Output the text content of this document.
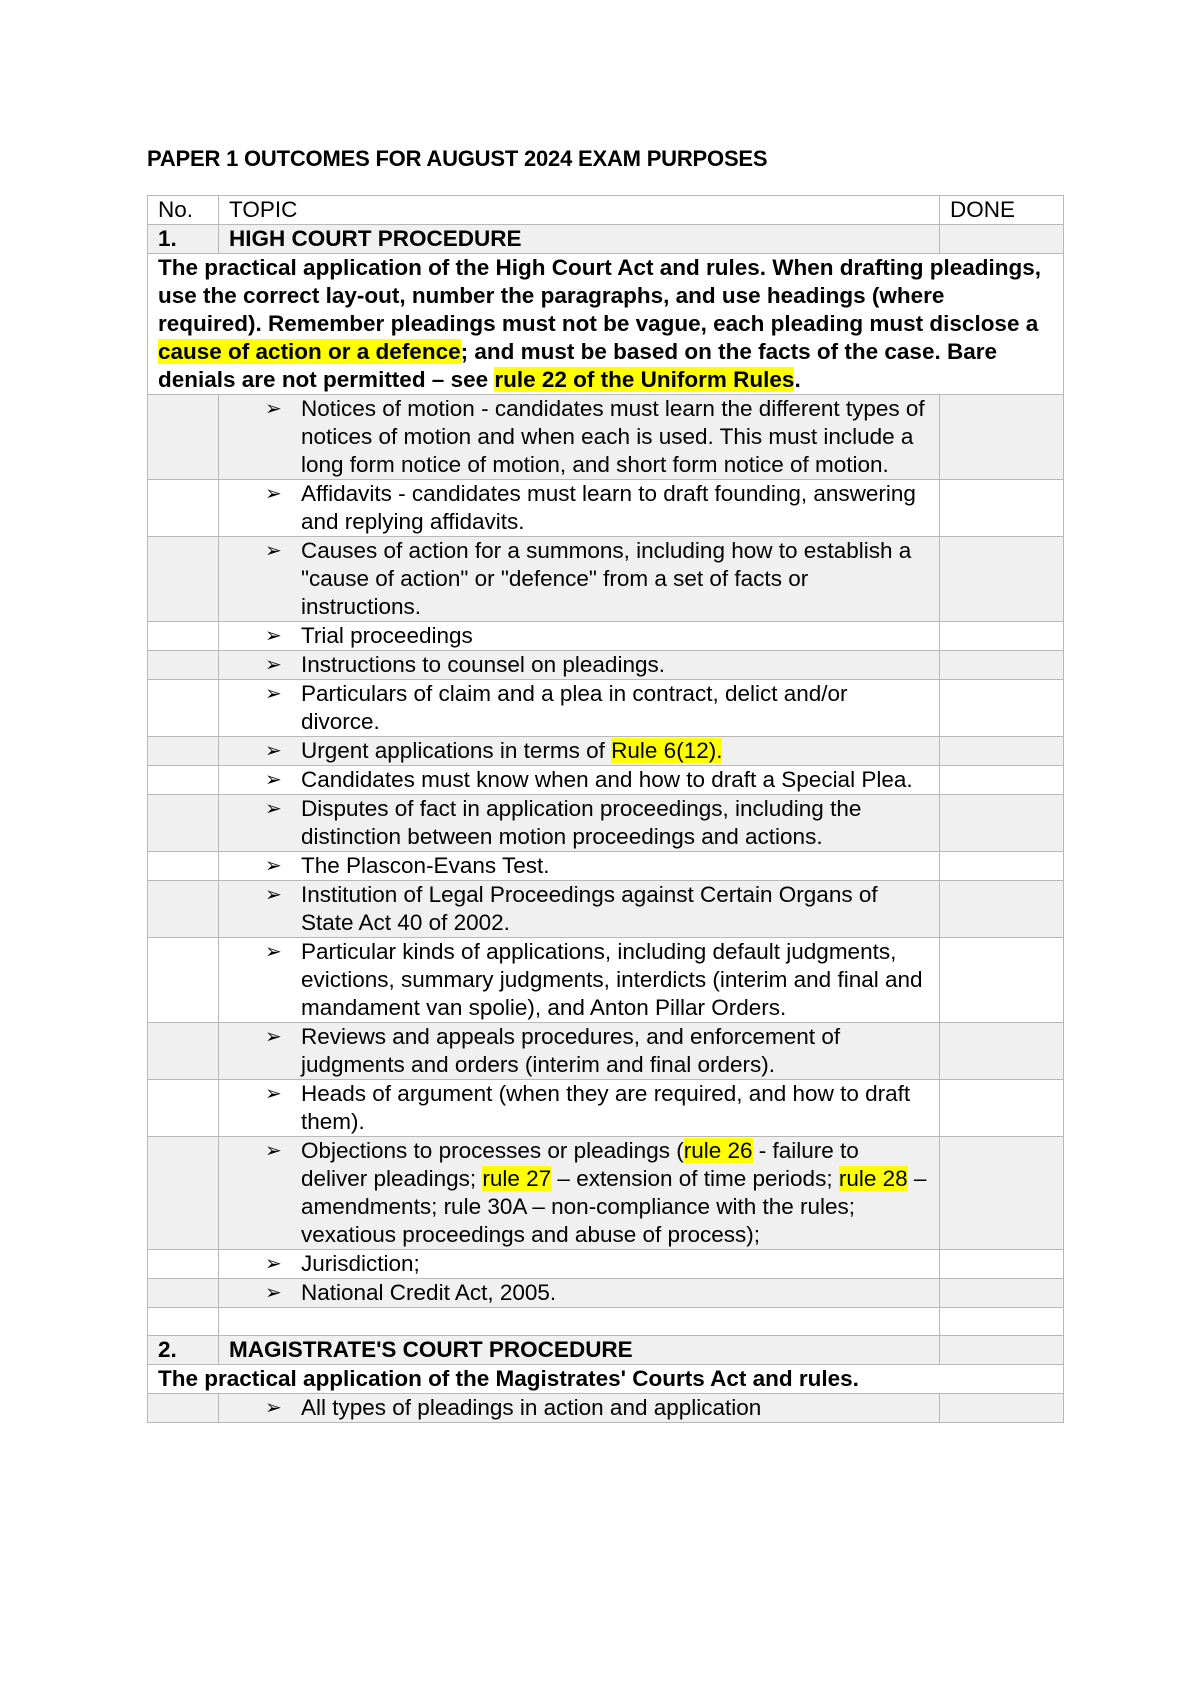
PAPER 1 OUTCOMES FOR AUGUST 2024 EXAM PURPOSES
No.	TOPIC	DONE
1.	HIGH COURT PROCEDURE	
The practical application of the High Court Act and rules. When drafting pleadings, use the correct lay-out, number the paragraphs, and use headings (where required). Remember pleadings must not be vague, each pleading must disclose a cause of action or a defence; and must be based on the facts of the case. Bare denials are not permitted – see rule 22 of the Uniform Rules.		

	➢ Notices of motion - candidates must learn the different types of notices of motion and when each is used. This must include a long form notice of motion, and short form notice of motion.	

	➢ Affidavits - candidates must learn to draft founding, answering and replying affidavits.	

	➢ Causes of action for a summons, including how to establish a "cause of action" or "defence" from a set of facts or instructions.	

	➢ Trial proceedings	

	➢ Instructions to counsel on pleadings.	

	➢ Particulars of claim and a plea in contract, delict and/or divorce.	

	➢ Urgent applications in terms of Rule 6(12).	

	➢ Candidates must know when and how to draft a Special Plea.	

	➢ Disputes of fact in application proceedings, including the distinction between motion proceedings and actions.	

	➢ The Plascon-Evans Test.	

	➢ Institution of Legal Proceedings against Certain Organs of State Act 40 of 2002.	

	➢ Particular kinds of applications, including default judgments, evictions, summary judgments, interdicts (interim and final and mandament van spolie), and Anton Pillar Orders.	

	➢ Reviews and appeals procedures, and enforcement of judgments and orders (interim and final orders).	

	➢ Heads of argument (when they are required, and how to draft them).	

	➢ Objections to processes or pleadings (rule 26 - failure to deliver pleadings; rule 27 – extension of time periods; rule 28 – amendments; rule 30A – non-compliance with the rules; vexatious proceedings and abuse of process);	

	➢ Jurisdiction;	

	➢ National Credit Act, 2005.	

2.	MAGISTRATE'S COURT PROCEDURE	
The practical application of the Magistrates' Courts Act and rules.		

	➢ All types of pleadings in action and application	
